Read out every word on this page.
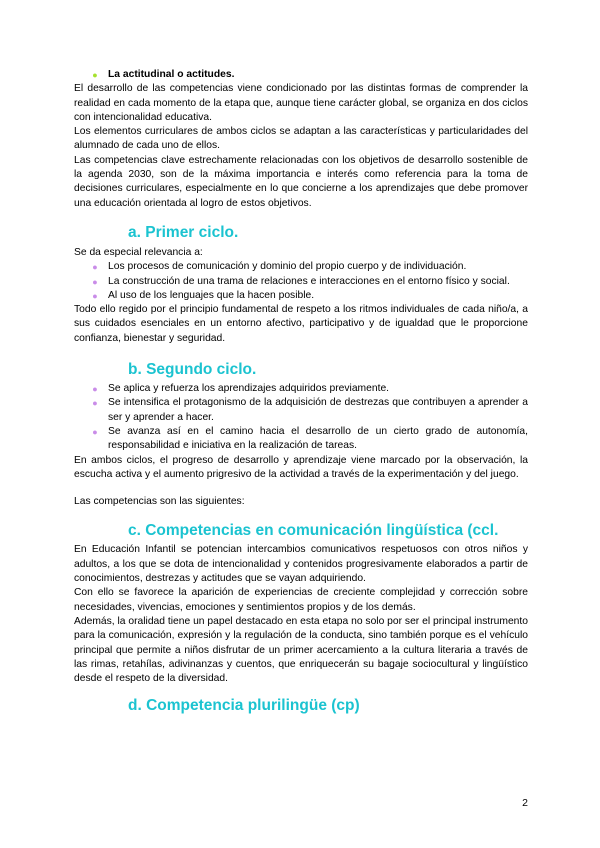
● La actitudinal o actitudes.

El desarrollo de las competencias viene condicionado por las distintas formas de comprender la realidad en cada momento de la etapa que, aunque tiene carácter global, se organiza en dos ciclos con intencionalidad educativa.

Los elementos curriculares de ambos ciclos se adaptan a las características y particularidades del alumnado de cada uno de ellos.

Las competencias clave estrechamente relacionadas con los objetivos de desarrollo sostenible de la agenda 2030, son de la máxima importancia e interés como referencia para la toma de decisiones curriculares, especialmente en lo que concierne a los aprendizajes que debe promover una educación orientada al logro de estos objetivos.

a. Primer ciclo.

Se da especial relevancia a:

● Los procesos de comunicación y dominio del propio cuerpo y de individuación.
● La construcción de una trama de relaciones e interacciones en el entorno físico y social.
● Al uso de los lenguajes que la hacen posible.

Todo ello regido por el principio fundamental de respeto a los ritmos individuales de cada niño/a, a sus cuidados esenciales en un entorno afectivo, participativo y de igualdad que le proporcione confianza, bienestar y seguridad.

b. Segundo ciclo.
● Se aplica y refuerza los aprendizajes adquiridos previamente.
● Se intensifica el protagonismo de la adquisición de destrezas que contribuyen a aprender a ser y aprender a hacer.
● Se avanza así en el camino hacia el desarrollo de un cierto grado de autonomía, responsabilidad e iniciativa en la realización de tareas.

En ambos ciclos, el progreso de desarrollo y aprendizaje viene marcado por la observación, la escucha activa y el aumento prigresivo de la actividad a través de la experimentación y del juego.

Las competencias son las siguientes:

c. Competencias en comunicación lingüística (ccl.

En Educación Infantil se potencian intercambios comunicativos respetuosos con otros niños y adultos, a los que se dota de intencionalidad y contenidos progresivamente elaborados a partir de conocimientos, destrezas y actitudes que se vayan adquiriendo.

Con ello se favorece la aparición de experiencias de creciente complejidad y corrección sobre necesidades, vivencias, emociones y sentimientos propios y de los demás.

Además, la oralidad tiene un papel destacado en esta etapa no solo por ser el principal instrumento para la comunicación, expresión y la regulación de la conducta, sino también porque es el vehículo principal que permite a niños disfrutar de un primer acercamiento a la cultura literaria a través de las rimas, retahílas, adivinanzas y cuentos, que enriquecerán su bagaje sociocultural y lingüístico desde el respeto de la diversidad.

d. Competencia plurilingüe (cp)
2
